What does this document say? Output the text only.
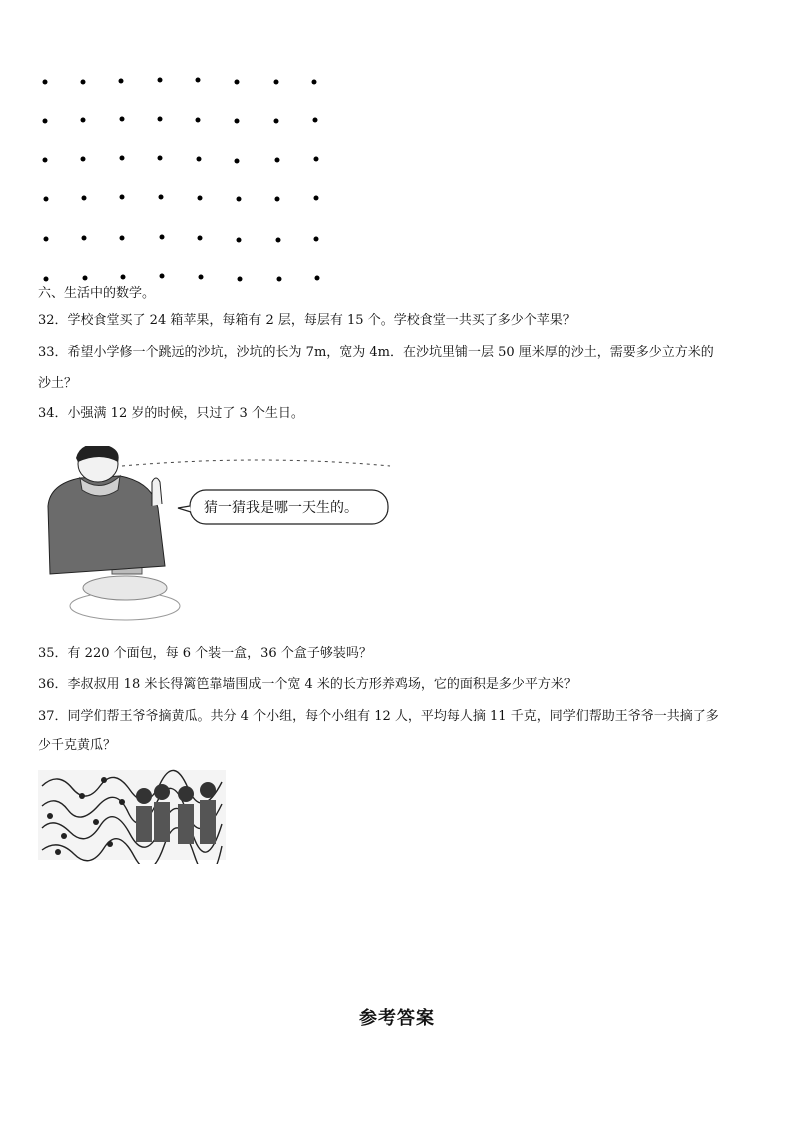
六、生活中的数学。
32．学校食堂买了 24 箱苹果，每箱有 2 层，每层有 15 个。学校食堂一共买了多少个苹果？
33．希望小学修一个跳远的沙坑，沙坑的长为 7m，宽为 4m．在沙坑里铺一层 50 厘米厚的沙土，需要多少立方米的
沙土？
34．小强满 12 岁的时候，只过了 3 个生日。
猜一猜我是哪一天生的。
35．有 220 个面包，每 6 个装一盒，36 个盒子够装吗？
36．李叔叔用 18 米长得篱笆靠墙围成一个宽 4 米的长方形养鸡场，它的面积是多少平方米？
37．同学们帮王爷爷摘黄瓜。共分 4 个小组，每个小组有 12 人，平均每人摘 11 千克，同学们帮助王爷爷一共摘了多
少千克黄瓜？
参考答案
